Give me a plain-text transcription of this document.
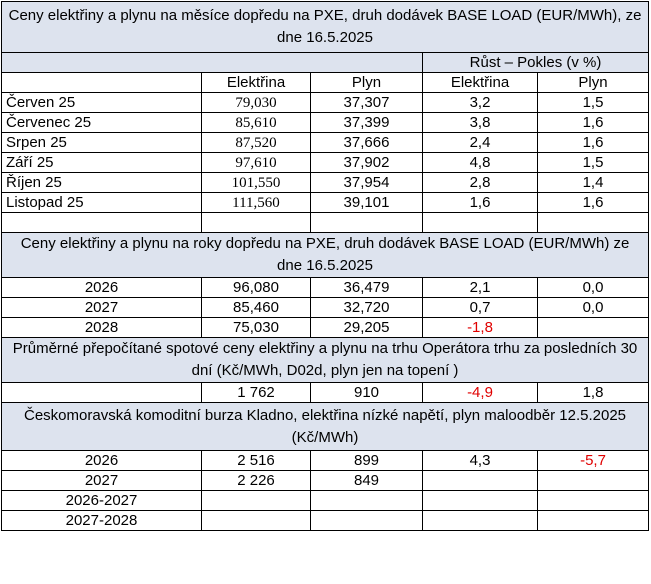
Ceny elektřiny a plynu na měsíce dopředu na PXE, druh dodávek BASE LOAD (EUR/MWh), ze dne 16.5.2025				
			Růst – Pokles (v %)	
	Elektřina	Plyn	Elektřina	Plyn
Červen 25	79,030	37,307	3,2	1,5
Červenec 25	85,610	37,399	3,8	1,6
Srpen 25	87,520	37,666	2,4	1,6
Září 25	97,610	37,902	4,8	1,5
Říjen 25	101,550	37,954	2,8	1,4
Listopad 25	111,560	39,101	1,6	1,6

Ceny elektřiny a plynu na roky dopředu na PXE, druh dodávek BASE LOAD (EUR/MWh) ze dne 16.5.2025				
2026	96,080	36,479	2,1	0,0
2027	85,460	32,720	0,7	0,0
2028	75,030	29,205	-1,8	
Průměrné přepočítané spotové ceny elektřiny a plynu na trhu Operátora trhu za posledních 30 dní (Kč/MWh, D02d, plyn jen na topení )				
	1 762	910	-4,9	1,8
Českomoravská komoditní burza Kladno, elektřina nízké napětí, plyn maloodběr 12.5.2025 (Kč/MWh)				
2026	2 516	899	4,3	-5,7
2027	2 226	849		
2026-2027				
2027-2028				
